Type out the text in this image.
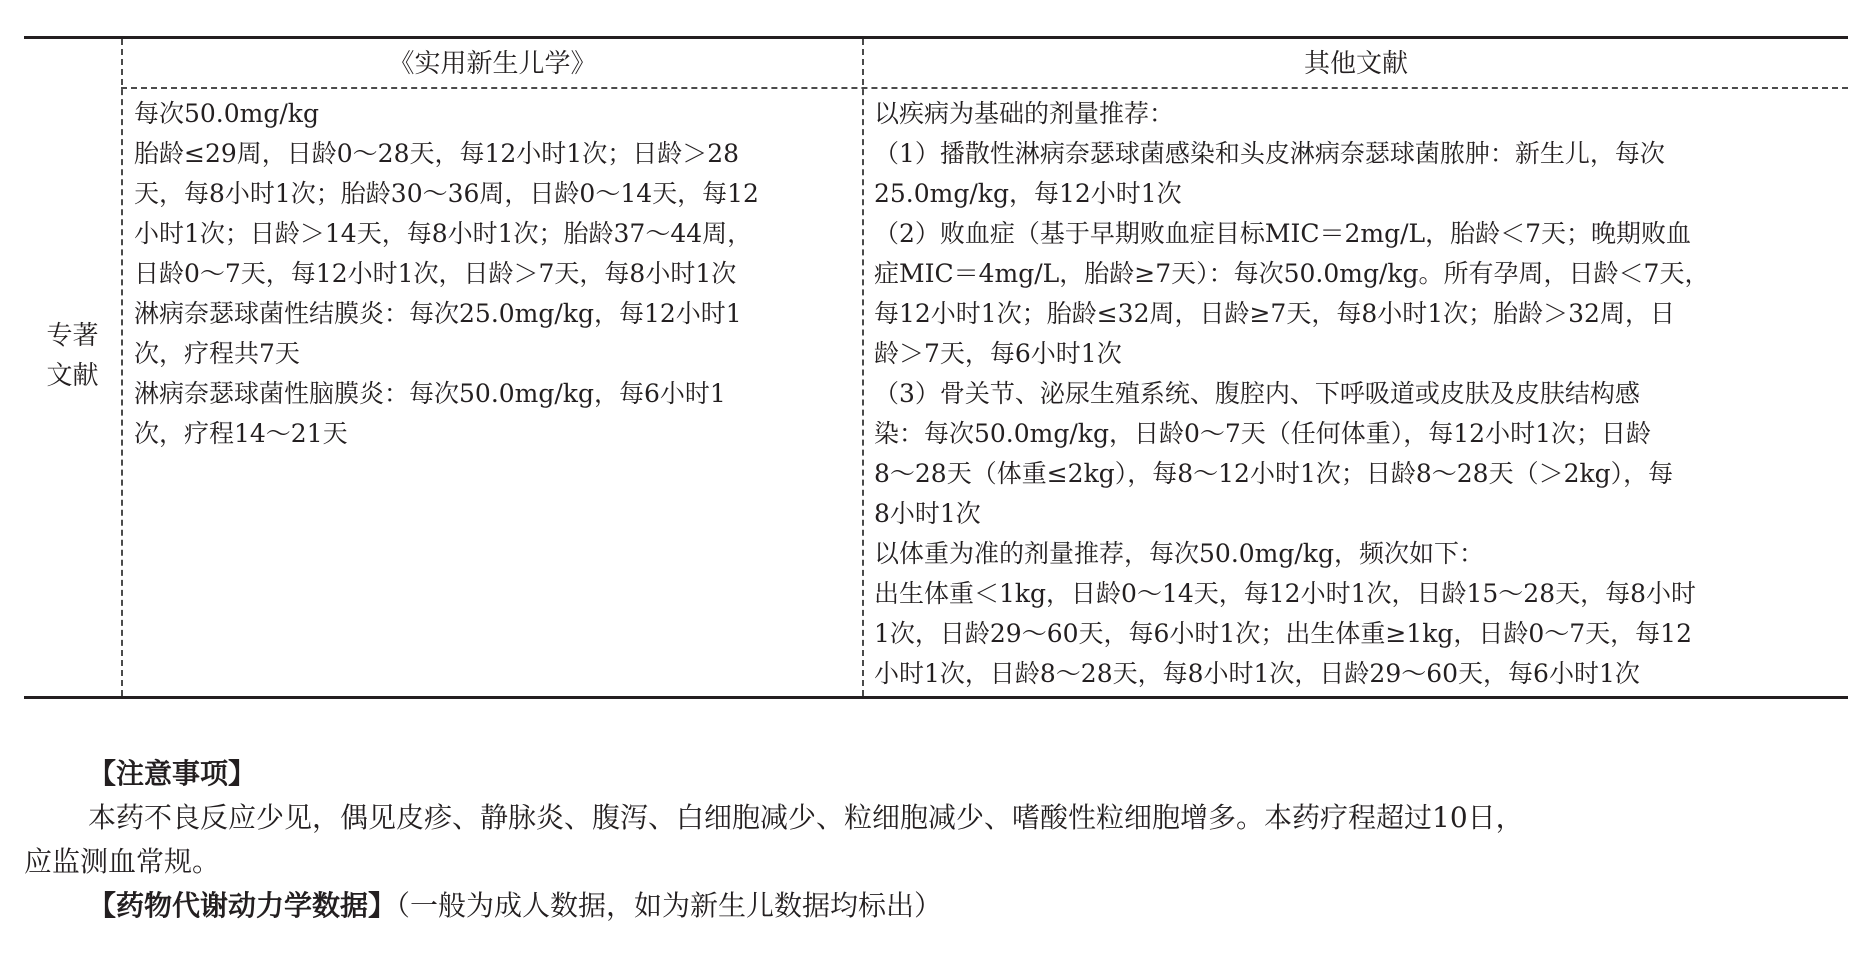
《实用新生儿学》	其他文献
专著
文献
每次50.0mg/kg
胎龄≤29周，日龄0～28天，每12小时1次；日龄＞28
天，每8小时1次；胎龄30～36周，日龄0～14天，每12
小时1次；日龄＞14天，每8小时1次；胎龄37～44周，
日龄0～7天，每12小时1次，日龄＞7天，每8小时1次
淋病奈瑟球菌性结膜炎：每次25.0mg/kg，每12小时1
次，疗程共7天
淋病奈瑟球菌性脑膜炎：每次50.0mg/kg，每6小时1
次，疗程14～21天
以疾病为基础的剂量推荐：
（1）播散性淋病奈瑟球菌感染和头皮淋病奈瑟球菌脓肿：新生儿，每次
25.0mg/kg，每12小时1次
（2）败血症（基于早期败血症目标MIC＝2mg/L，胎龄＜7天；晚期败血
症MIC＝4mg/L，胎龄≥7天）：每次50.0mg/kg。所有孕周，日龄＜7天，
每12小时1次；胎龄≤32周，日龄≥7天，每8小时1次；胎龄＞32周，日
龄＞7天，每6小时1次
（3）骨关节、泌尿生殖系统、腹腔内、下呼吸道或皮肤及皮肤结构感
染：每次50.0mg/kg，日龄0～7天（任何体重），每12小时1次；日龄
8～28天（体重≤2kg），每8～12小时1次；日龄8～28天（＞2kg），每
8小时1次
以体重为准的剂量推荐，每次50.0mg/kg，频次如下：
出生体重＜1kg，日龄0～14天，每12小时1次，日龄15～28天，每8小时
1次，日龄29～60天，每6小时1次；出生体重≥1kg，日龄0～7天，每12
小时1次，日龄8～28天，每8小时1次，日龄29～60天，每6小时1次
【注意事项】
本药不良反应少见，偶见皮疹、静脉炎、腹泻、白细胞减少、粒细胞减少、嗜酸性粒细胞增多。本药疗程超过10日，
应监测血常规。
【药物代谢动力学数据】（一般为成人数据，如为新生儿数据均标出）
